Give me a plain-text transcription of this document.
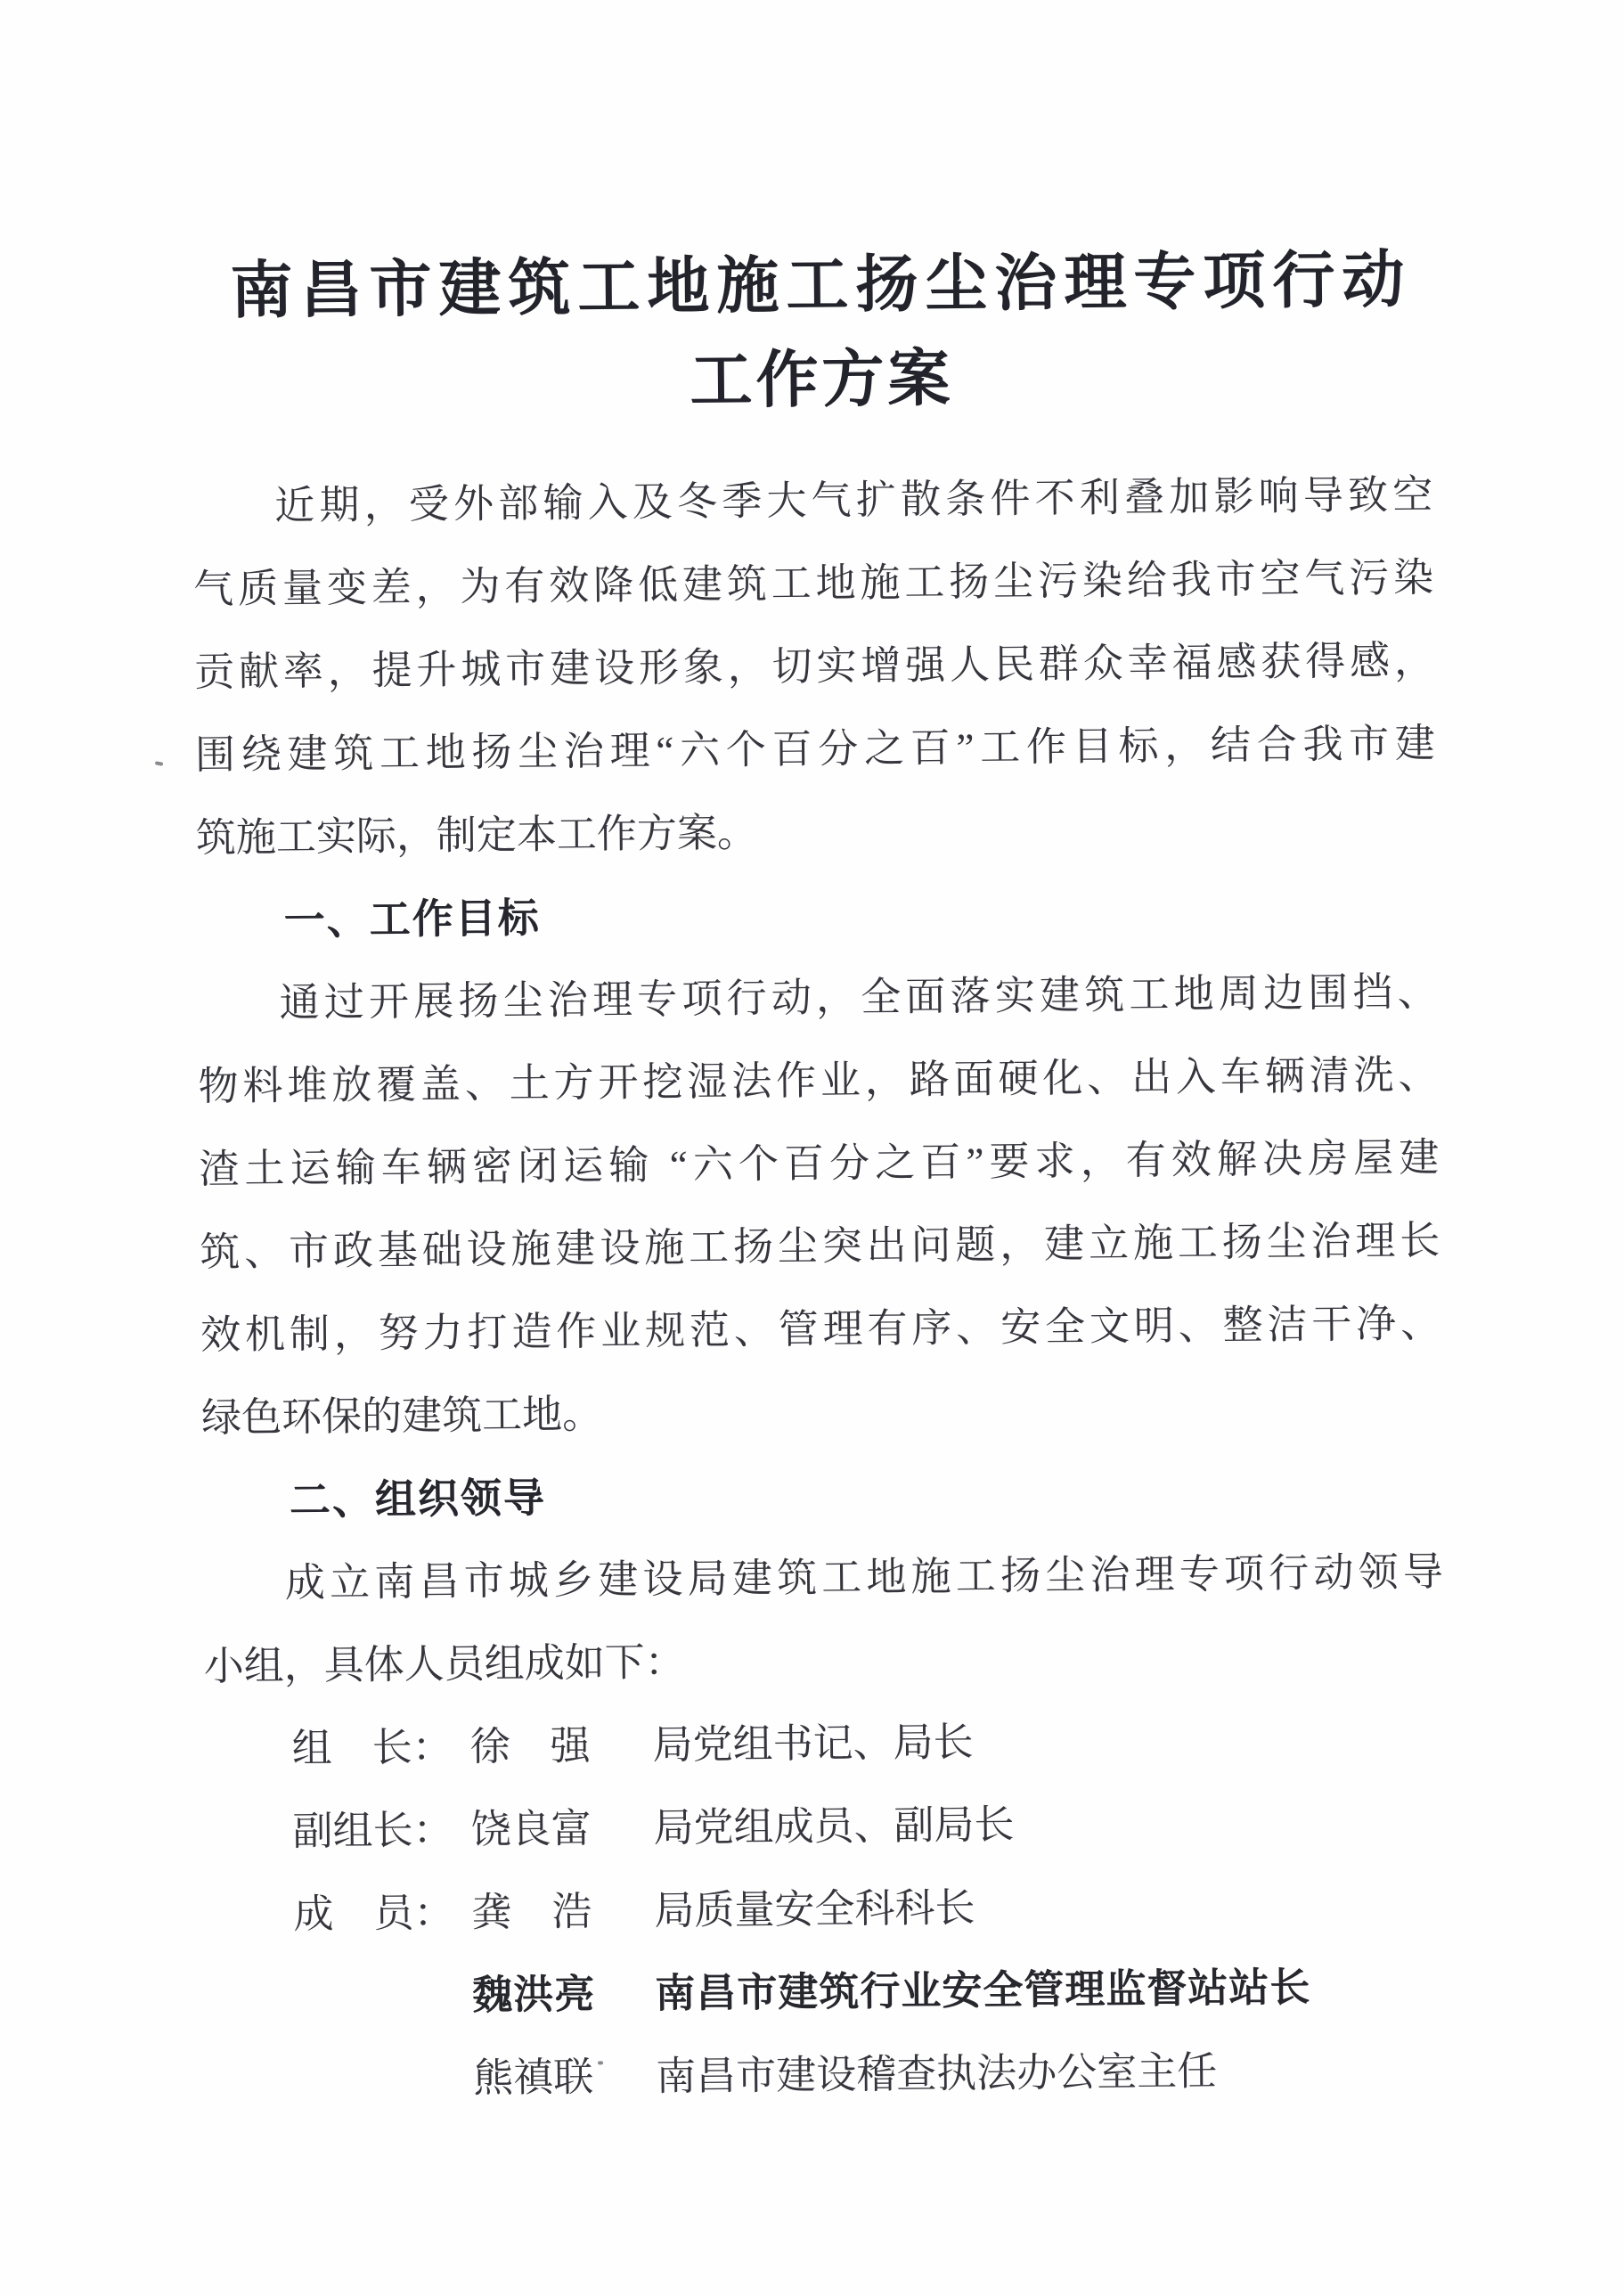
南昌市建筑工地施工扬尘治理专项行动
工作方案
近期，受外部输入及冬季大气扩散条件不利叠加影响导致空
气质量变差，为有效降低建筑工地施工扬尘污染给我市空气污染
贡献率，提升城市建设形象，切实增强人民群众幸福感获得感，
围绕建筑工地扬尘治理“六个百分之百”工作目标，结合我市建
筑施工实际，制定本工作方案。
一、工作目标
通过开展扬尘治理专项行动，全面落实建筑工地周边围挡、
物料堆放覆盖、土方开挖湿法作业，路面硬化、出入车辆清洗、
渣土运输车辆密闭运输 “六个百分之百”要求，有效解决房屋建
筑、市政基础设施建设施工扬尘突出问题，建立施工扬尘治理长
效机制，努力打造作业规范、管理有序、安全文明、整洁干净、
绿色环保的建筑工地。
二、组织领导
成立南昌市城乡建设局建筑工地施工扬尘治理专项行动领导
小组，具体人员组成如下：
组　长： 徐　强	局党组书记、局长
副组长： 饶良富	局党组成员、副局长
成　员： 龚　浩	局质量安全科科长
魏洪亮	南昌市建筑行业安全管理监督站站长
熊禛联	南昌市建设稽查执法办公室主任
